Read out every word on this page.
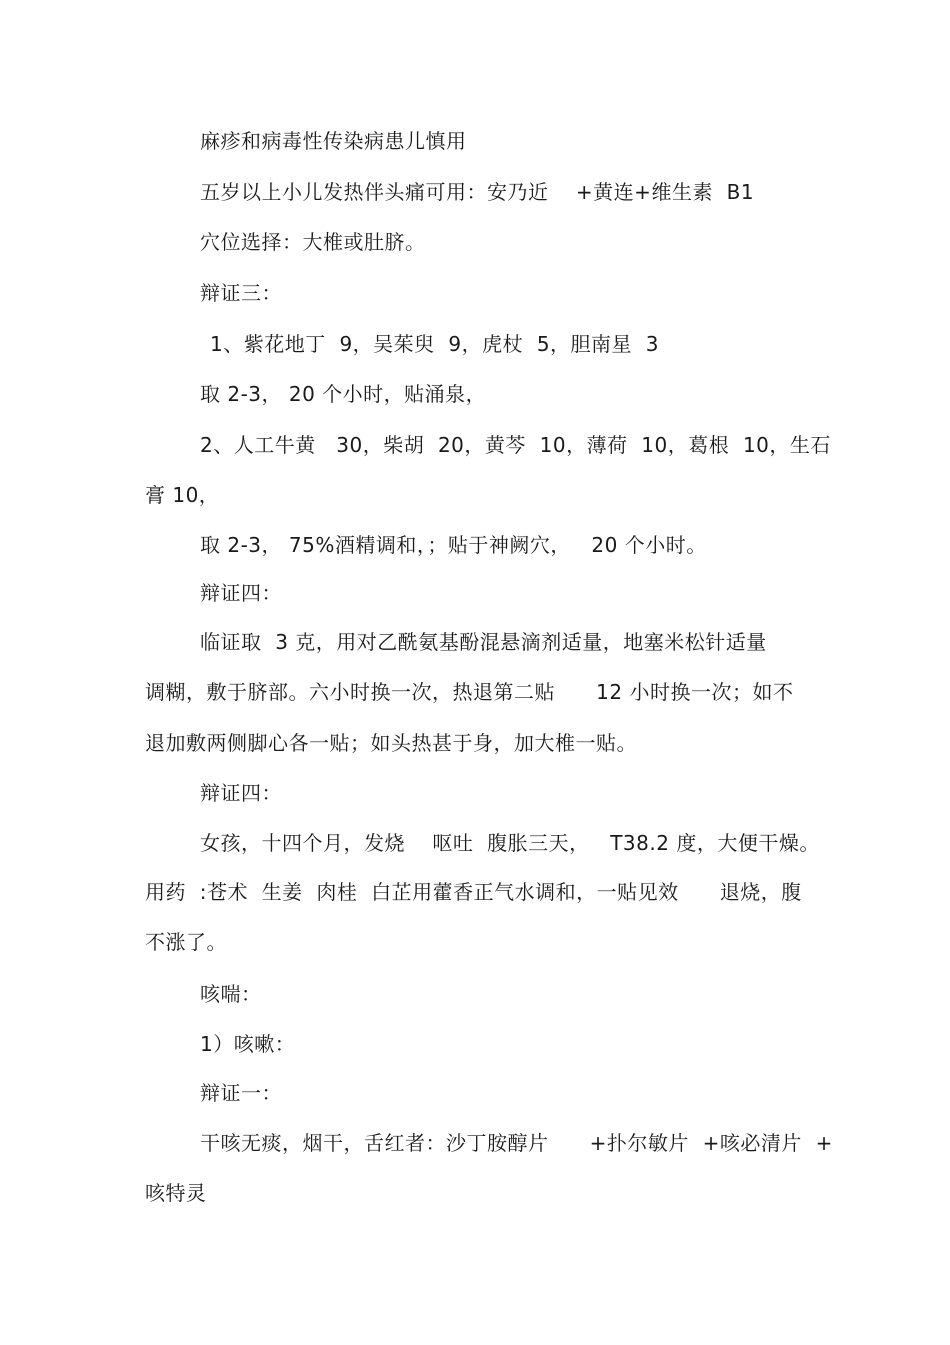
麻疹和病毒性传染病患儿慎用
五岁以上小儿发热伴头痛可用：安乃近    +黄连+维生素  B1
穴位选择：大椎或肚脐。
辩证三：
1、紫花地丁  9，吴茱臾  9，虎杖  5，胆南星  3
取 2-3， 20 个小时，贴涌泉，
2、人工牛黄   30，柴胡  20，黄芩  10，薄荷  10，葛根  10，生石
膏 10，
取 2-3， 75%酒精调和，；贴于神阙穴，   20 个小时。
辩证四：
临证取  3 克，用对乙酰氨基酚混悬滴剂适量，地塞米松针适量
调糊，敷于脐部。六小时换一次，热退第二贴      12 小时换一次；如不
退加敷两侧脚心各一贴；如头热甚于身，加大椎一贴。
辩证四：
女孩，十四个月，发烧    呕吐  腹胀三天，   T38.2 度，大便干燥。
用药  :苍术  生姜  肉桂  白芷用藿香正气水调和，一贴见效      退烧，腹
不涨了。
咳喘：
1）咳嗽：
辩证一：
干咳无痰，烟干，舌红者：沙丁胺醇片      +扑尔敏片  +咳必清片  +
咳特灵
